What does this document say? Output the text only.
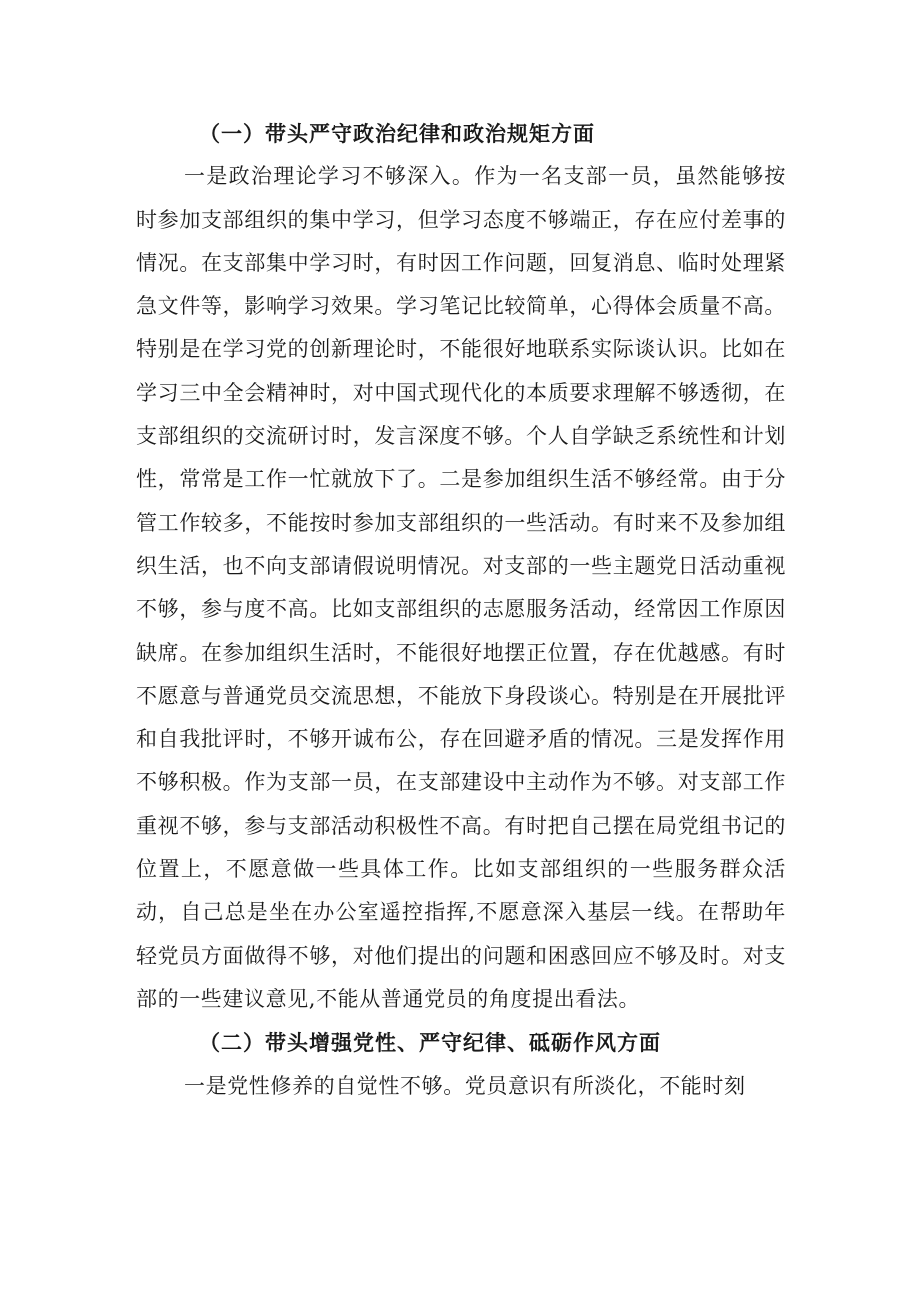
（一）带头严守政治纪律和政治规矩方面

一是政治理论学习不够深入。作为一名支部一员，虽然能够按时参加支部组织的集中学习，但学习态度不够端正，存在应付差事的情况。在支部集中学习时，有时因工作问题，回复消息、临时处理紧急文件等，影响学习效果。学习笔记比较简单，心得体会质量不高。特别是在学习党的创新理论时，不能很好地联系实际谈认识。比如在学习三中全会精神时，对中国式现代化的本质要求理解不够透彻，在支部组织的交流研讨时，发言深度不够。个人自学缺乏系统性和计划性，常常是工作一忙就放下了。二是参加组织生活不够经常。由于分管工作较多，不能按时参加支部组织的一些活动。有时来不及参加组织生活，也不向支部请假说明情况。对支部的一些主题党日活动重视不够，参与度不高。比如支部组织的志愿服务活动，经常因工作原因缺席。在参加组织生活时，不能很好地摆正位置，存在优越感。有时不愿意与普通党员交流思想，不能放下身段谈心。特别是在开展批评和自我批评时，不够开诚布公，存在回避矛盾的情况。三是发挥作用不够积极。作为支部一员，在支部建设中主动作为不够。对支部工作重视不够，参与支部活动积极性不高。有时把自己摆在局党组书记的位置上，不愿意做一些具体工作。比如支部组织的一些服务群众活动，自己总是坐在办公室遥控指挥,不愿意深入基层一线。在帮助年轻党员方面做得不够，对他们提出的问题和困惑回应不够及时。对支部的一些建议意见,不能从普通党员的角度提出看法。

（二）带头增强党性、严守纪律、砥砺作风方面

一是党性修养的自觉性不够。党员意识有所淡化，不能时刻
